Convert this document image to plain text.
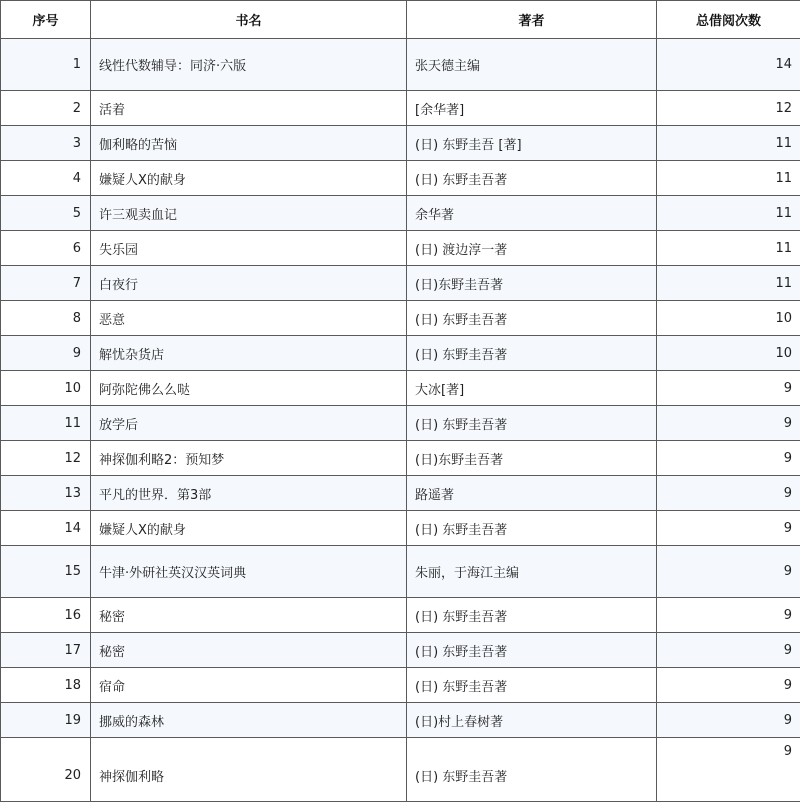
序号	书名	著者	总借阅次数
1	线性代数辅导：同济·六版	张天德主编	14
2	活着	[余华著]	12
3	伽利略的苦恼	(日) 东野圭吾 [著]	11
4	嫌疑人X的献身	(日) 东野圭吾著	11
5	许三观卖血记	余华著	11
6	失乐园	(日) 渡边淳一著	11
7	白夜行	(日)东野圭吾著	11
8	恶意	(日) 东野圭吾著	10
9	解忧杂货店	(日) 东野圭吾著	10
10	阿弥陀佛么么哒	大冰[著]	9
11	放学后	(日) 东野圭吾著	9
12	神探伽利略2：预知梦	(日)东野圭吾著	9
13	平凡的世界．第3部	路遥著	9
14	嫌疑人X的献身	(日) 东野圭吾著	9
15	牛津·外研社英汉汉英词典	朱丽，于海江主编	9
16	秘密	(日) 东野圭吾著	9
17	秘密	(日) 东野圭吾著	9
18	宿命	(日) 东野圭吾著	9
19	挪威的森林	(日)村上春树著	9
20	神探伽利略	(日) 东野圭吾著	9
